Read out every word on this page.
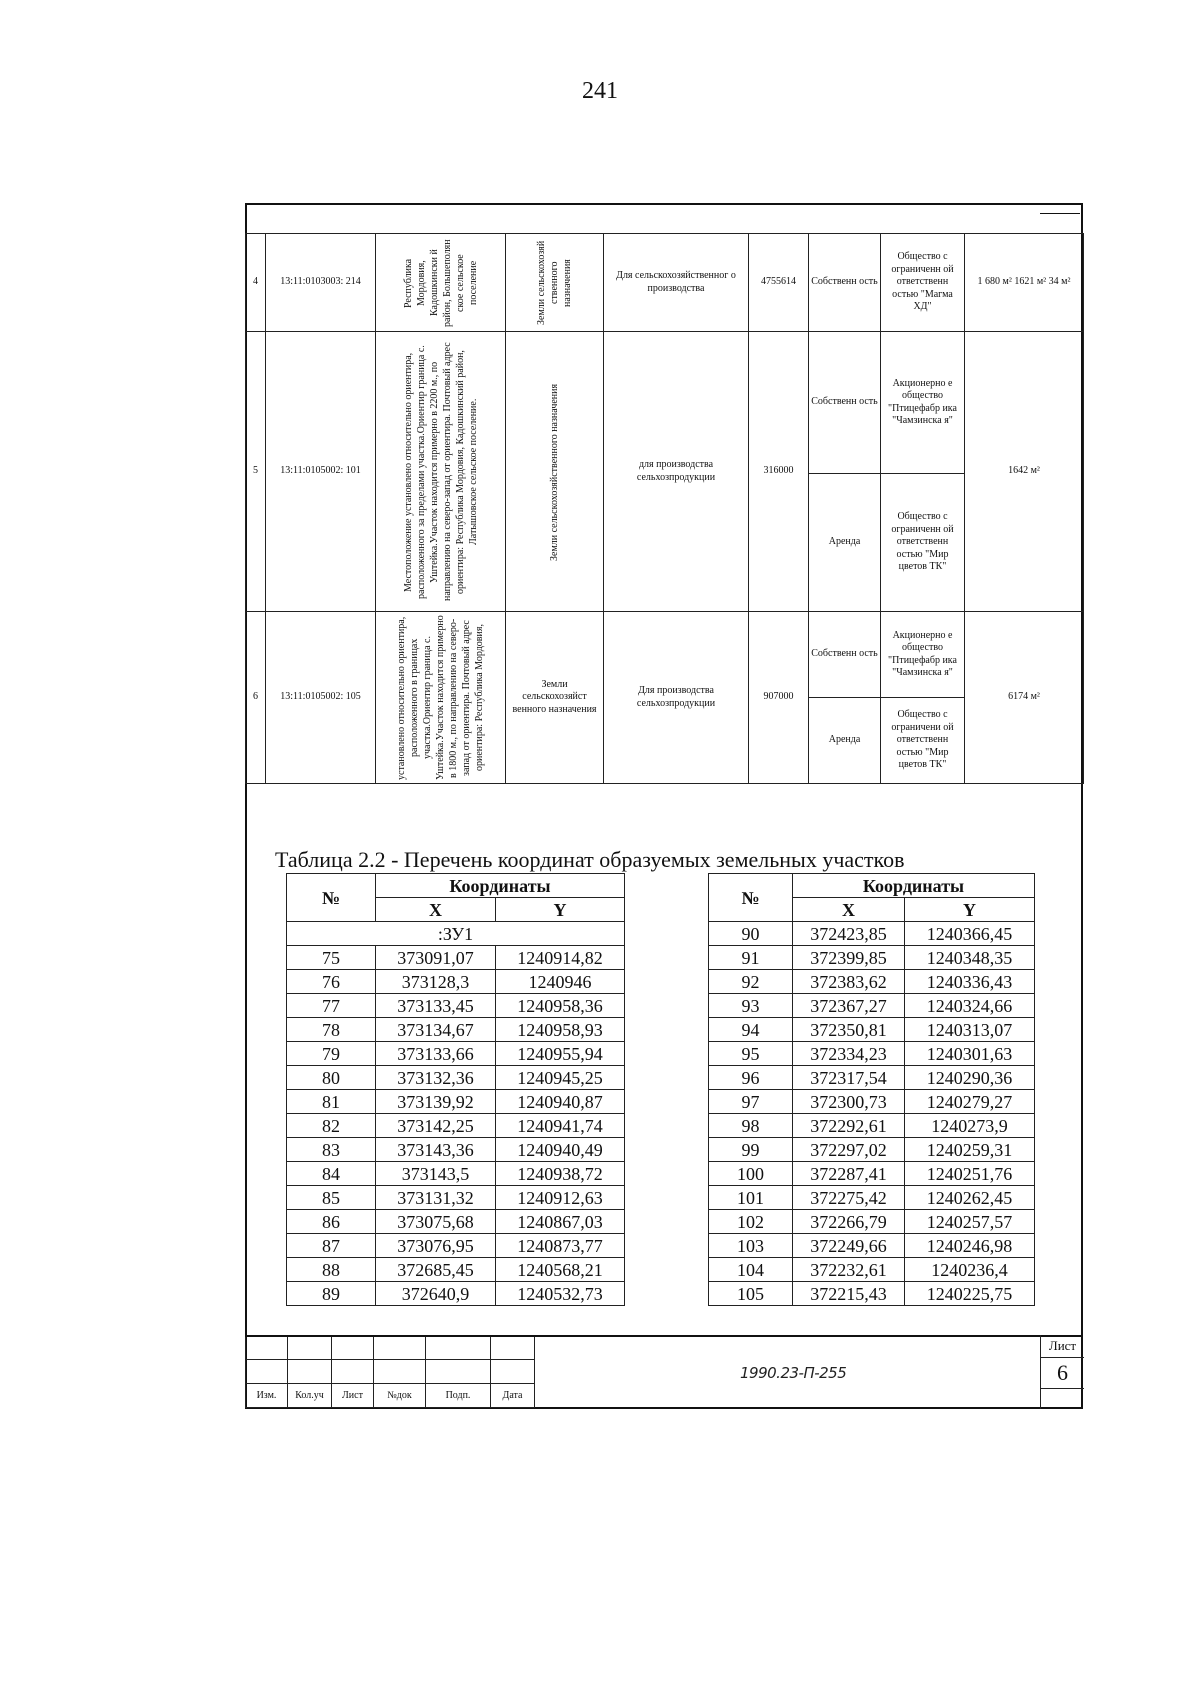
241
4	13:11:0103003: 214	Республика Мордовия, Кадошкински й район, Большеполян ское сельское поселение	Земли сельскохозяй ственного назначения	Для сельскохозяйственног о производства	4755614	Собственн ость	Общество с ограниченн ой ответственн остью "Магма ХД"	1 680 м² 1621 м² 34 м²
5	13:11:0105002: 101	Местоположение установлено относительно ориентира, расположенного за пределами участка.Ориентир граница с. Уштейка.Участок находится примерно в 2200 м., по направлению на северо-запад от ориентира. Почтовый адрес ориентира: Республика Мордовия, Кадошкинский район, Латышовское сельское поселение.	Земли сельскохозяйственного назначения	для производства сельхозпродукции	316000	Собственн ость	Акционерно е общество "Птицефабр ика "Чамзинска я"	1642 м²
						Аренда	Общество с ограниченн ой ответственн остью "Мир цветов ТК"	
6	13:11:0105002: 105	установлено относительно ориентира, расположенного в границах участка.Ориентир граница с. Уштейка.Участок находится примерно в 1800 м., по направлению на северо-запад от ориентира. Почтовый адрес ориентира: Республика Мордовия,	Земли сельскохозяйст венного назначения	Для производства сельхозпродукции	907000	Собственн ость	Акционерно е общество "Птицефабр ика "Чамзинска я"	6174 м²
						Аренда	Общество с ограничени ой ответственн остью "Мир цветов ТК"	
Таблица 2.2 - Перечень координат образуемых земельных участков
№	Координаты	
	X	Y
:ЗУ1		
75	373091,07	1240914,82
76	373128,3	1240946
77	373133,45	1240958,36
78	373134,67	1240958,93
79	373133,66	1240955,94
80	373132,36	1240945,25
81	373139,92	1240940,87
82	373142,25	1240941,74
83	373143,36	1240940,49
84	373143,5	1240938,72
85	373131,32	1240912,63
86	373075,68	1240867,03
87	373076,95	1240873,77
88	372685,45	1240568,21
89	372640,9	1240532,73
№	Координаты	
	X	Y
90	372423,85	1240366,45
91	372399,85	1240348,35
92	372383,62	1240336,43
93	372367,27	1240324,66
94	372350,81	1240313,07
95	372334,23	1240301,63
96	372317,54	1240290,36
97	372300,73	1240279,27
98	372292,61	1240273,9
99	372297,02	1240259,31
100	372287,41	1240251,76
101	372275,42	1240262,45
102	372266,79	1240257,57
103	372249,66	1240246,98
104	372232,61	1240236,4
105	372215,43	1240225,75

Изм.	Кол.уч	Лист	№док	Подп.	Дата
1990.23-П-255
Лист
6
